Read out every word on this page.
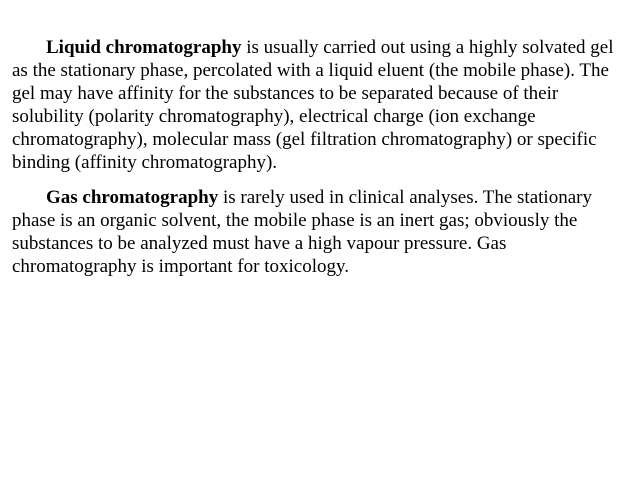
Liquid chromatography is usually carried out using a highly solvated gel as the stationary phase, percolated with a liquid eluent (the mobile phase). The gel may have affinity for the substances to be separated because of their solubility (polarity chromatography), electrical charge (ion exchange chromatography), molecular mass (gel filtration chromatography) or specific binding (affinity chromatography).

Gas chromatography is rarely used in clinical analyses. The stationary phase is an organic solvent, the mobile phase is an inert gas; obviously the substances to be analyzed must have a high vapour pressure. Gas chromatography is important for toxicology.
